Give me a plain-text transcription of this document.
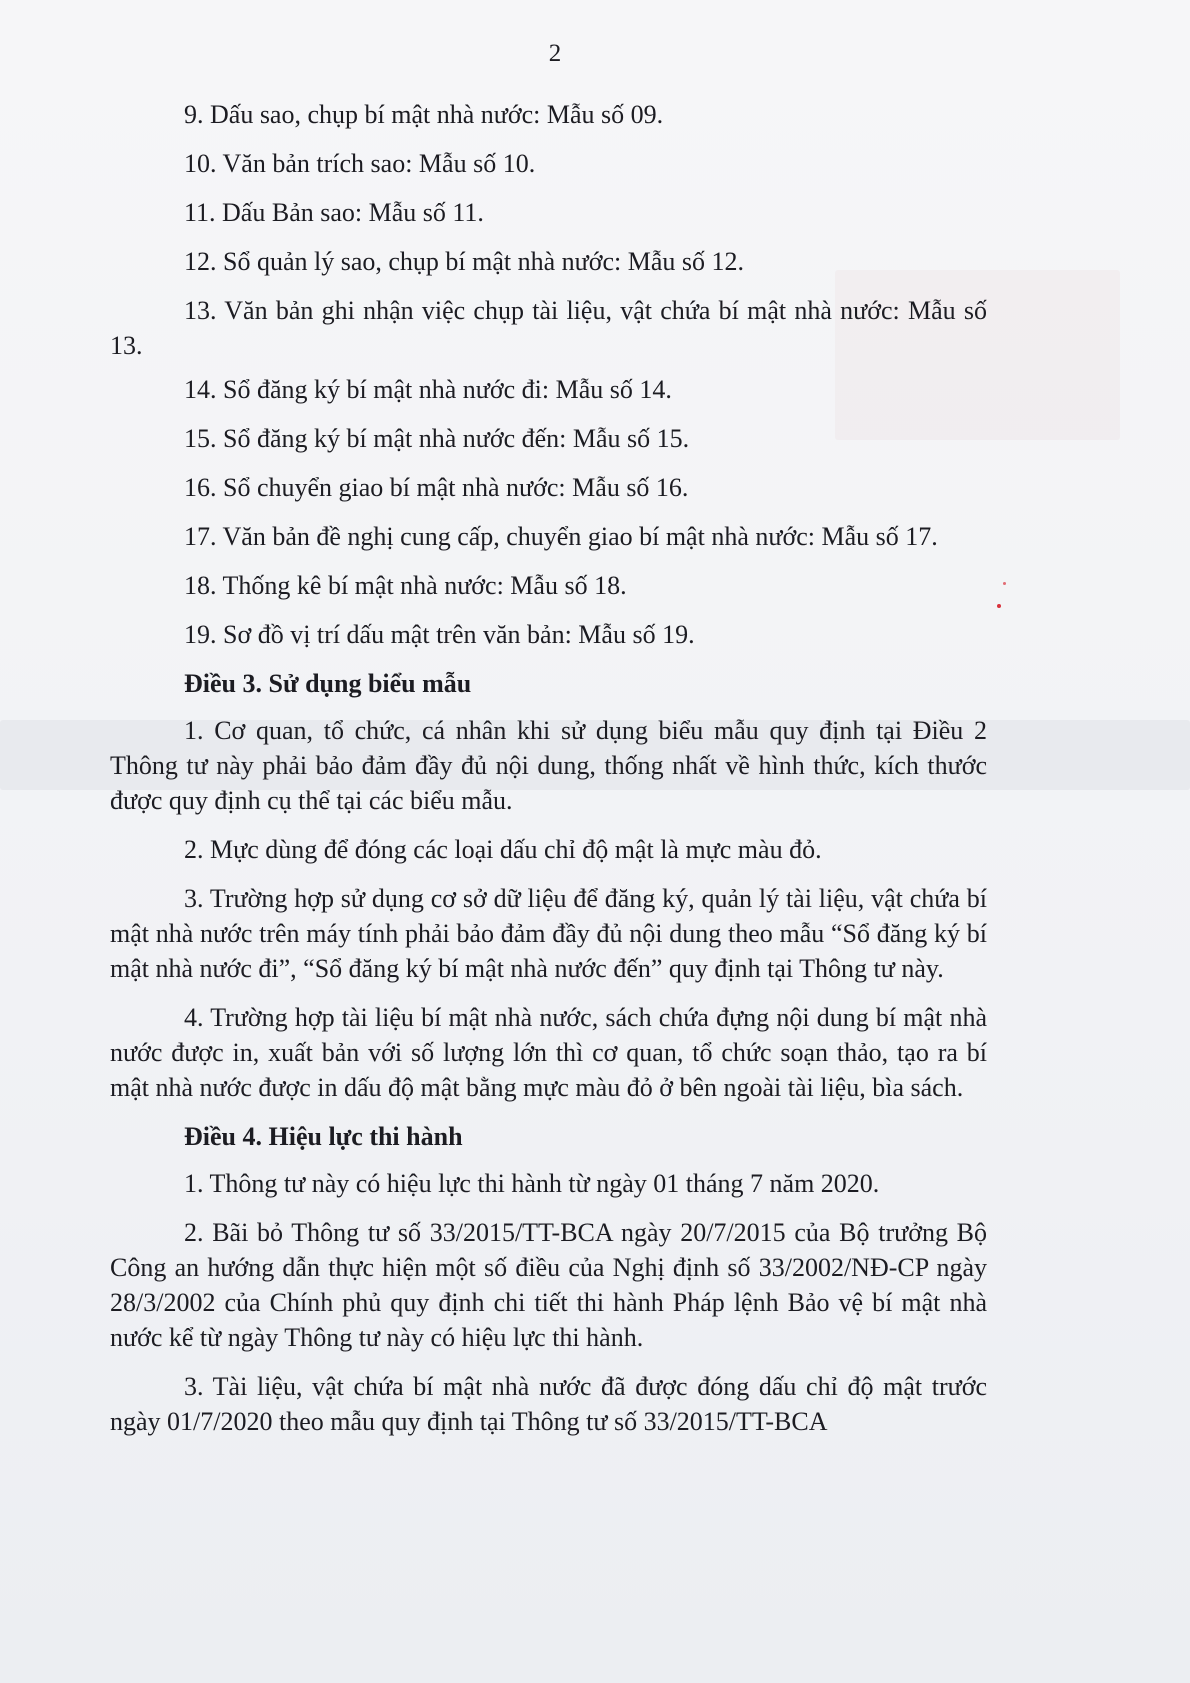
2

9. Dấu sao, chụp bí mật nhà nước: Mẫu số 09.

10. Văn bản trích sao: Mẫu số 10.

11. Dấu Bản sao: Mẫu số 11.

12. Sổ quản lý sao, chụp bí mật nhà nước: Mẫu số 12.

13. Văn bản ghi nhận việc chụp tài liệu, vật chứa bí mật nhà nước: Mẫu số 13.

14. Sổ đăng ký bí mật nhà nước đi: Mẫu số 14.

15. Sổ đăng ký bí mật nhà nước đến: Mẫu số 15.

16. Sổ chuyển giao bí mật nhà nước: Mẫu số 16.

17. Văn bản đề nghị cung cấp, chuyển giao bí mật nhà nước: Mẫu số 17.

18. Thống kê bí mật nhà nước: Mẫu số 18.

19. Sơ đồ vị trí dấu mật trên văn bản: Mẫu số 19.

Điều 3. Sử dụng biểu mẫu

1. Cơ quan, tổ chức, cá nhân khi sử dụng biểu mẫu quy định tại Điều 2 Thông tư này phải bảo đảm đầy đủ nội dung, thống nhất về hình thức, kích thước được quy định cụ thể tại các biểu mẫu.

2. Mực dùng để đóng các loại dấu chỉ độ mật là mực màu đỏ.

3. Trường hợp sử dụng cơ sở dữ liệu để đăng ký, quản lý tài liệu, vật chứa bí mật nhà nước trên máy tính phải bảo đảm đầy đủ nội dung theo mẫu “Sổ đăng ký bí mật nhà nước đi”, “Sổ đăng ký bí mật nhà nước đến” quy định tại Thông tư này.

4. Trường hợp tài liệu bí mật nhà nước, sách chứa đựng nội dung bí mật nhà nước được in, xuất bản với số lượng lớn thì cơ quan, tổ chức soạn thảo, tạo ra bí mật nhà nước được in dấu độ mật bằng mực màu đỏ ở bên ngoài tài liệu, bìa sách.

Điều 4. Hiệu lực thi hành

1. Thông tư này có hiệu lực thi hành từ ngày 01 tháng 7 năm 2020.

2. Bãi bỏ Thông tư số 33/2015/TT-BCA ngày 20/7/2015 của Bộ trưởng Bộ Công an hướng dẫn thực hiện một số điều của Nghị định số 33/2002/NĐ-CP ngày 28/3/2002 của Chính phủ quy định chi tiết thi hành Pháp lệnh Bảo vệ bí mật nhà nước kể từ ngày Thông tư này có hiệu lực thi hành.

3. Tài liệu, vật chứa bí mật nhà nước đã được đóng dấu chỉ độ mật trước ngày 01/7/2020 theo mẫu quy định tại Thông tư số 33/2015/TT-BCA
